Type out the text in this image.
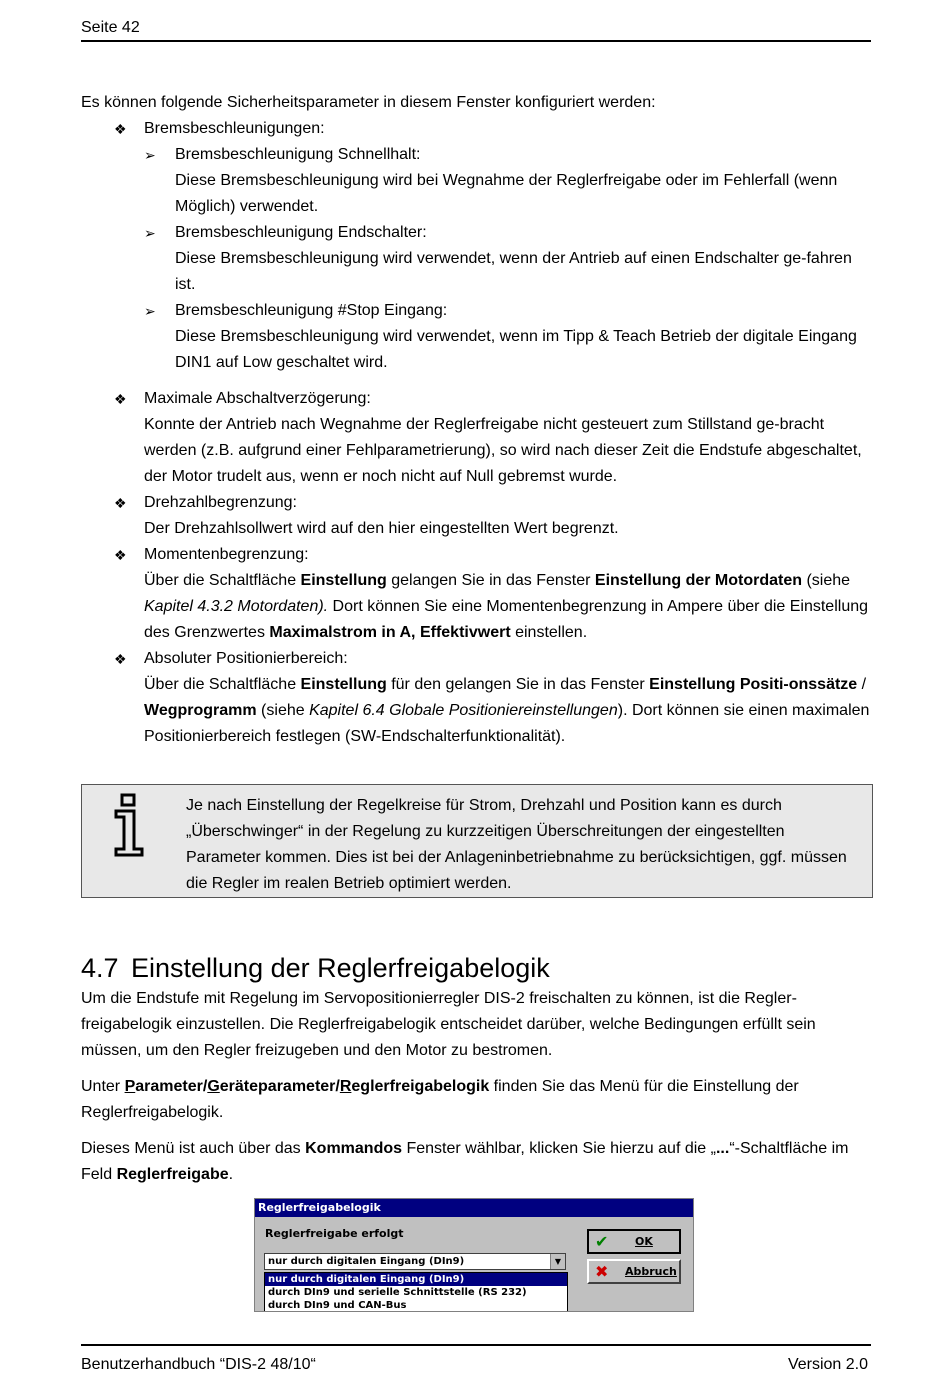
Seite 42

Es können folgende Sicherheitsparameter in diesem Fenster konfiguriert werden:

❖ Bremsbeschleunigungen:
➢ Bremsbeschleunigung Schnellhalt:
Diese Bremsbeschleunigung wird bei Wegnahme der Reglerfreigabe oder im Fehlerfall (wenn Möglich) verwendet.
➢ Bremsbeschleunigung Endschalter:
Diese Bremsbeschleunigung wird verwendet, wenn der Antrieb auf einen Endschalter ge-fahren ist.
➢ Bremsbeschleunigung #Stop Eingang:
Diese Bremsbeschleunigung wird verwendet, wenn im Tipp & Teach Betrieb der digitale Eingang DIN1 auf Low geschaltet wird.
❖ Maximale Abschaltverzögerung:
Konnte der Antrieb nach Wegnahme der Reglerfreigabe nicht gesteuert zum Stillstand ge-bracht werden (z.B. aufgrund einer Fehlparametrierung), so wird nach dieser Zeit die Endstufe abgeschaltet, der Motor trudelt aus, wenn er noch nicht auf Null gebremst wurde.
❖ Drehzahlbegrenzung:
Der Drehzahlsollwert wird auf den hier eingestellten Wert begrenzt.
❖ Momentenbegrenzung:
Über die Schaltfläche Einstellung gelangen Sie in das Fenster Einstellung der Motordaten (siehe Kapitel 4.3.2 Motordaten). Dort können Sie eine Momentenbegrenzung in Ampere über die Einstellung des Grenzwertes Maximalstrom in A, Effektivwert einstellen.
❖ Absoluter Positionierbereich:
Über die Schaltfläche Einstellung für den gelangen Sie in das Fenster Einstellung Positi-onssätze / Wegprogramm (siehe Kapitel 6.4 Globale Positioniereinstellungen). Dort können sie einen maximalen Positionierbereich festlegen (SW-Endschalterfunktionalität).
Je nach Einstellung der Regelkreise für Strom, Drehzahl und Position kann es durch „Überschwinger“ in der Regelung zu kurzzeitigen Überschreitungen der eingestellten Parameter kommen. Dies ist bei der Anlageninbetriebnahme zu berücksichtigen, ggf. müssen die Regler im realen Betrieb optimiert werden.
4.7 Einstellung der Reglerfreigabelogik

Um die Endstufe mit Regelung im Servopositionierregler DIS-2 freischalten zu können, ist die Regler-freigabelogik einzustellen. Die Reglerfreigabelogik entscheidet darüber, welche Bedingungen erfüllt sein müssen, um den Regler freizugeben und den Motor zu bestromen.

Unter Parameter/Geräteparameter/Reglerfreigabelogik finden Sie das Menü für die Einstellung der Reglerfreigabelogik.

Dieses Menü ist auch über das Kommandos Fenster wählbar, klicken Sie hierzu auf die „...“-Schaltfläche im Feld Reglerfreigabe.

Reglerfreigabelogik
Reglerfreigabe erfolgt
nur durch digitalen Eingang (DIn9)	▼
nur durch digitalen Eingang (DIn9)
durch DIn9 und serielle Schnittstelle (RS 232)
durch DIn9 und CAN-Bus
✔ OK
✖ Abbruch
Benutzerhandbuch “DIS-2 48/10“	Version 2.0
